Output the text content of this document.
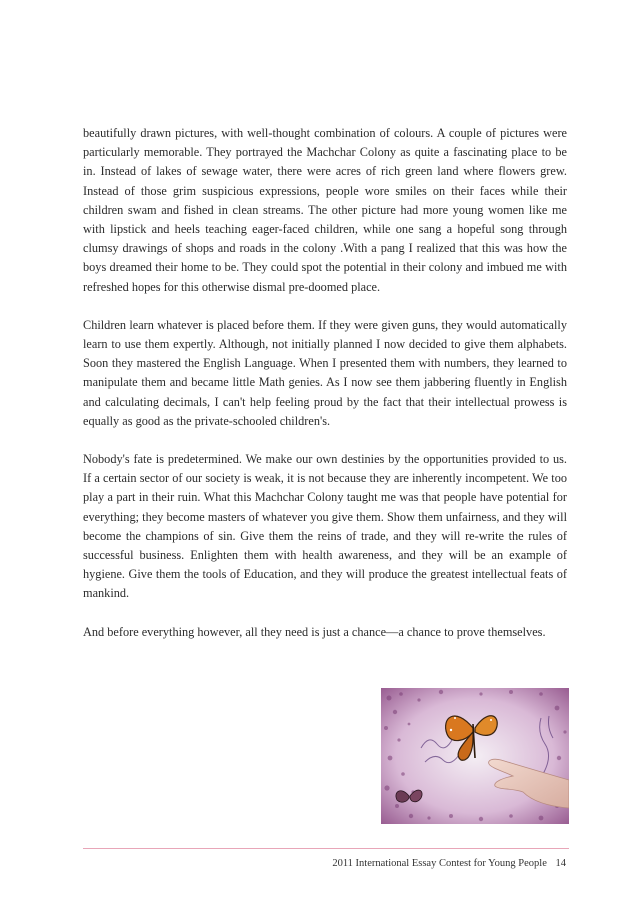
beautifully drawn pictures, with well-thought combination of colours. A couple of pictures were particularly memorable. They portrayed the Machchar Colony as quite a fascinating place to be in. Instead of lakes of sewage water, there were acres of rich green land where flowers grew. Instead of those grim suspicious expressions, people wore smiles on their faces while their children swam and fished in clean streams. The other picture had more young women like me with lipstick and heels teaching eager-faced children, while one sang a hopeful song through clumsy drawings of shops and roads in the colony .With a pang I realized that this was how the boys dreamed their home to be. They could spot the potential in their colony and imbued me with refreshed hopes for this otherwise dismal pre-doomed place.

Children learn whatever is placed before them. If they were given guns, they would automatically learn to use them expertly. Although, not initially planned I now decided to give them alphabets. Soon they mastered the English Language. When I presented them with numbers, they learned to manipulate them and became little Math genies. As I now see them jabbering fluently in English and calculating decimals, I can't help feeling proud by the fact that their intellectual prowess is equally as good as the private-schooled children's.

Nobody's fate is predetermined. We make our own destinies by the opportunities provided to us. If a certain sector of our society is weak, it is not because they are inherently incompetent. We too play a part in their ruin. What this Machchar Colony taught me was that people have potential for everything; they become masters of whatever you give them. Show them unfairness, and they will become the champions of sin. Give them the reins of trade, and they will re-write the rules of successful business. Enlighten them with health awareness, and they will be an example of hygiene. Give them the tools of Education, and they will produce the greatest intellectual feats of mankind.

And before everything however, all they need is just a chance—a chance to prove themselves.

2011 International Essay Contest for Young People 14
